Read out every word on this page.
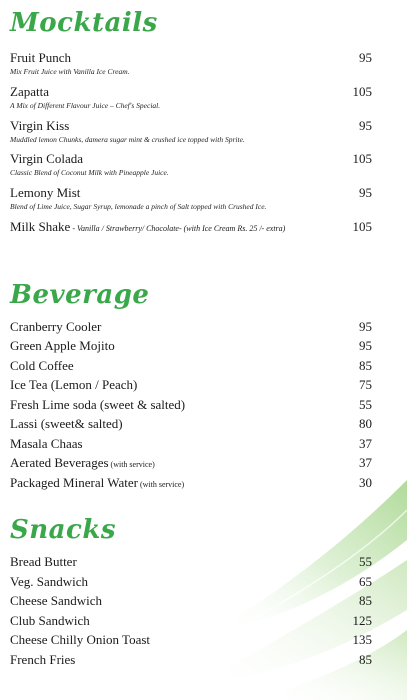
Mocktails
Fruit Punch	95
Mix Fruit Juice with Vanilla Ice Cream.
Zapatta	105
A Mix of Different Flavour Juice – Chef's Special.
Virgin Kiss	95
Muddled lemon Chunks, damera sugar mint & crushed ice topped with Sprite.
Virgin Colada	105
Classic Blend of Coconut Milk with Pineapple Juice.
Lemony Mist	95
Blend of Lime Juice, Sugar Syrup, lemonade a pinch of Salt topped with Crushed Ice.
Milk Shake - Vanilla / Strawberry/ Chocolate- (with Ice Cream Rs. 25 /- extra)	105
Beverage
Cranberry Cooler	95
Green Apple Mojito	95
Cold Coffee	85
Ice Tea (Lemon / Peach)	75
Fresh Lime soda (sweet & salted)	55
Lassi (sweet& salted)	80
Masala Chaas	37
Aerated Beverages (with service)	37
Packaged Mineral Water (with service)	30
Snacks
Bread Butter	55
Veg. Sandwich	65
Cheese Sandwich	85
Club Sandwich	125
Cheese Chilly Onion Toast	135
French Fries	85
